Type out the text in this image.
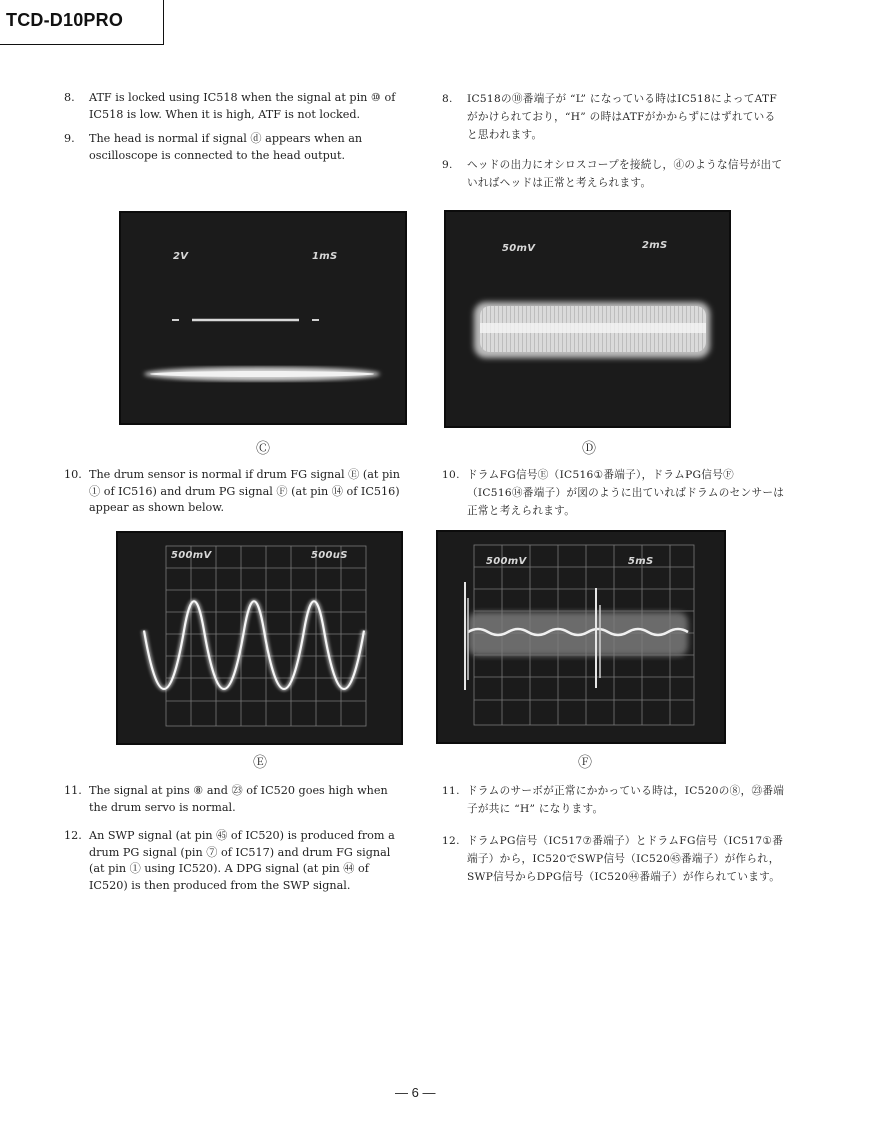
TCD-D10PRO
8. ATF is locked using IC518 when the signal at pin ⑩ of IC518 is low. When it is high, ATF is not locked.
9. The head is normal if signal ⓓ appears when an oscilloscope is connected to the head output.
8. IC518の⑩番端子が “L” になっている時はIC518によってATFがかけられており，“H” の時はATFがかからずにはずれていると思われます。
9. ヘッドの出力にオシロスコープを接続し，ⓓのような信号が出ていればヘッドは正常と考えられます。
2V	1mS
50mV	2mS
Ⓒ	Ⓓ
10. The drum sensor is normal if drum FG signal Ⓔ (at pin ① of IC516) and drum PG signal Ⓕ (at pin ⑭ of IC516) appear as shown below.
10. ドラムFG信号Ⓔ（IC516①番端子），ドラムPG信号Ⓕ（IC516⑭番端子）が図のように出ていればドラムのセンサーは正常と考えられます。
500mV	500uS
500mV	5mS
Ⓔ	Ⓕ
11. The signal at pins ⑧ and ㉓ of IC520 goes high when the drum servo is normal.
12. An SWP signal (at pin ㊺ of IC520) is produced from a drum PG signal (pin ⑦ of IC517) and drum FG signal (at pin ① using IC520). A DPG signal (at pin ㊹ of IC520) is then produced from the SWP signal.
11. ドラムのサーボが正常にかかっている時は，IC520の⑧，㉓番端子が共に “H” になります。
12. ドラムPG信号（IC517⑦番端子）とドラムFG信号（IC517①番端子）から，IC520でSWP信号（IC520㊺番端子）が作られ，SWP信号からDPG信号（IC520㊹番端子）が作られています。
— 6 —
